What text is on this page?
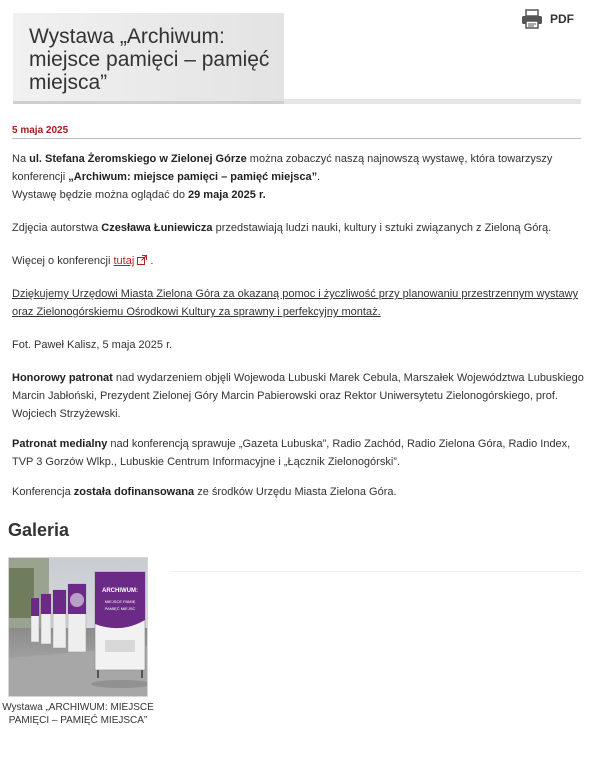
Wystawa „Archiwum: miejsce pamięci – pamięć miejsca”
PDF
5 maja 2025

Na ul. Stefana Żeromskiego w Zielonej Górze można zobaczyć naszą najnowszą wystawę, która towarzyszy konferencji „Archiwum: miejsce pamięci – pamięć miejsca”.
Wystawę będzie można oglądać do 29 maja 2025 r.

Zdjęcia autorstwa Czesława Łuniewicza przedstawiają ludzi nauki, kultury i sztuki związanych z Zieloną Górą.

Więcej o konferencji tutaj .

Dziękujemy Urzędowi Miasta Zielona Góra za okazaną pomoc i życzliwość przy planowaniu przestrzennym wystawy oraz Zielonogórskiemu Ośrodkowi Kultury za sprawny i perfekcyjny montaż.

Fot. Paweł Kalisz, 5 maja 2025 r.

Honorowy patronat nad wydarzeniem objęli Wojewoda Lubuski Marek Cebula, Marszałek Województwa Lubuskiego Marcin Jabłoński, Prezydent Zielonej Góry Marcin Pabierowski oraz Rektor Uniwersytetu Zielonogórskiego, prof. Wojciech Strzyżewski.

Patronat medialny nad konferencją sprawuje „Gazeta Lubuska”, Radio Zachód, Radio Zielona Góra, Radio Index, TVP 3 Gorzów Wlkp., Lubuskie Centrum Informacyjne i „Łącznik Zielonogórski”.

Konferencja została dofinansowana ze środków Urzędu Miasta Zielona Góra.

Galeria
ARCHIWUM:
MIEJSCE PAMIĘ
PAMIĘĆ MIEJSC
Wystawa „ARCHIWUM: MIEJSCE PAMIĘCI – PAMIĘĆ MIEJSCA”
